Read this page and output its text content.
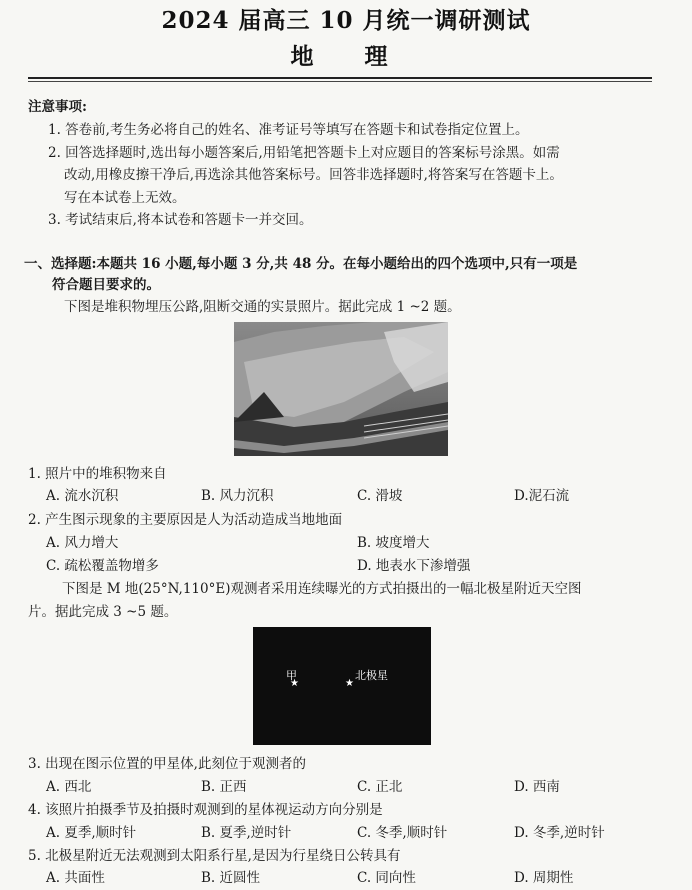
2024 届高三 10 月统一调研测试
地　理
注意事项:
1. 答卷前,考生务必将自己的姓名、准考证号等填写在答题卡和试卷指定位置上。
2. 回答选择题时,选出每小题答案后,用铅笔把答题卡上对应题目的答案标号涂黑。如需
改动,用橡皮擦干净后,再选涂其他答案标号。回答非选择题时,将答案写在答题卡上。
写在本试卷上无效。
3. 考试结束后,将本试卷和答题卡一并交回。
一、选择题:本题共 16 小题,每小题 3 分,共 48 分。在每小题给出的四个选项中,只有一项是
符合题目要求的。
下图是堆积物埋压公路,阻断交通的实景照片。据此完成 1 ~2 题。
1. 照片中的堆积物来自
A. 流水沉积	B. 风力沉积	C. 滑坡	D.泥石流
2. 产生图示现象的主要原因是人为活动造成当地地面
A. 风力增大	B. 坡度增大
C. 疏松覆盖物增多	D. 地表水下渗增强
下图是 M 地(25°N,110°E)观测者采用连续曝光的方式拍摄出的一幅北极星附近天空图
片。据此完成 3 ~5 题。
甲
★	★
北极星
3. 出现在图示位置的甲星体,此刻位于观测者的
A. 西北	B. 正西	C. 正北	D. 西南
4. 该照片拍摄季节及拍摄时观测到的星体视运动方向分别是
A. 夏季,顺时针	B. 夏季,逆时针	C. 冬季,顺时针	D. 冬季,逆时针
5. 北极星附近无法观测到太阳系行星,是因为行星绕日公转具有
A. 共面性	B. 近圆性	C. 同向性	D. 周期性
